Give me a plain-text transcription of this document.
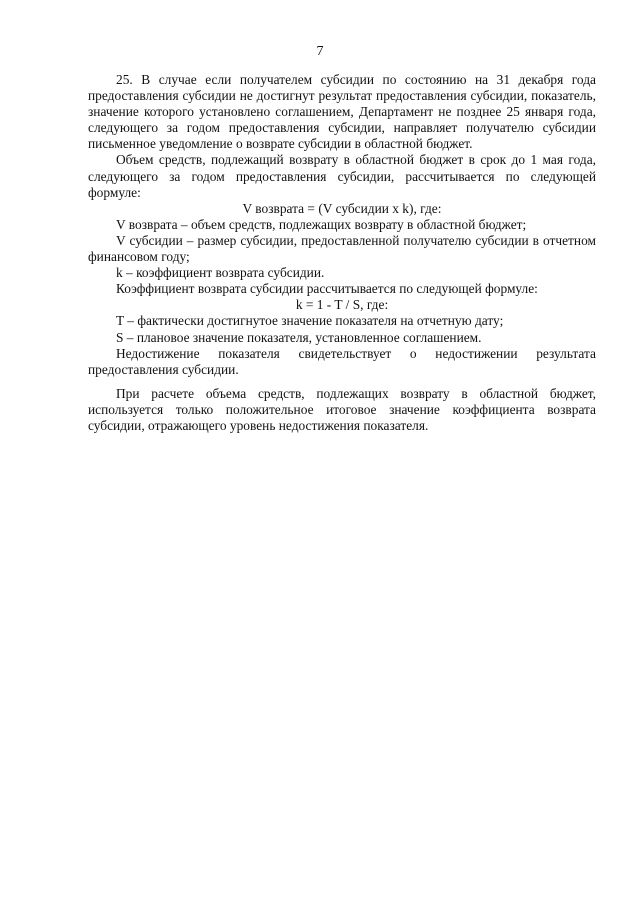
7

25. В случае если получателем субсидии по состоянию на 31 декабря года предоставления субсидии не достигнут результат предоставления субсидии, показатель, значение которого установлено соглашением, Департамент не позднее 25 января года, следующего за годом предоставления субсидии, направляет получателю субсидии письменное уведомление о возврате субсидии в областной бюджет.

Объем средств, подлежащий возврату в областной бюджет в срок до 1 мая года, следующего за годом предоставления субсидии, рассчитывается по следующей формуле:

V возврата = (V субсидии x k), где:

V возврата – объем средств, подлежащих возврату в областной бюджет;

V субсидии – размер субсидии, предоставленной получателю субсидии в отчетном финансовом году;

k – коэффициент возврата субсидии.

Коэффициент возврата субсидии рассчитывается по следующей формуле:

k = 1 - T / S, где:

T – фактически достигнутое значение показателя на отчетную дату;

S – плановое значение показателя, установленное соглашением.

Недостижение показателя свидетельствует о недостижении результата предоставления субсидии.

При расчете объема средств, подлежащих возврату в областной бюджет, используется только положительное итоговое значение коэффициента возврата субсидии, отражающего уровень недостижения показателя.
